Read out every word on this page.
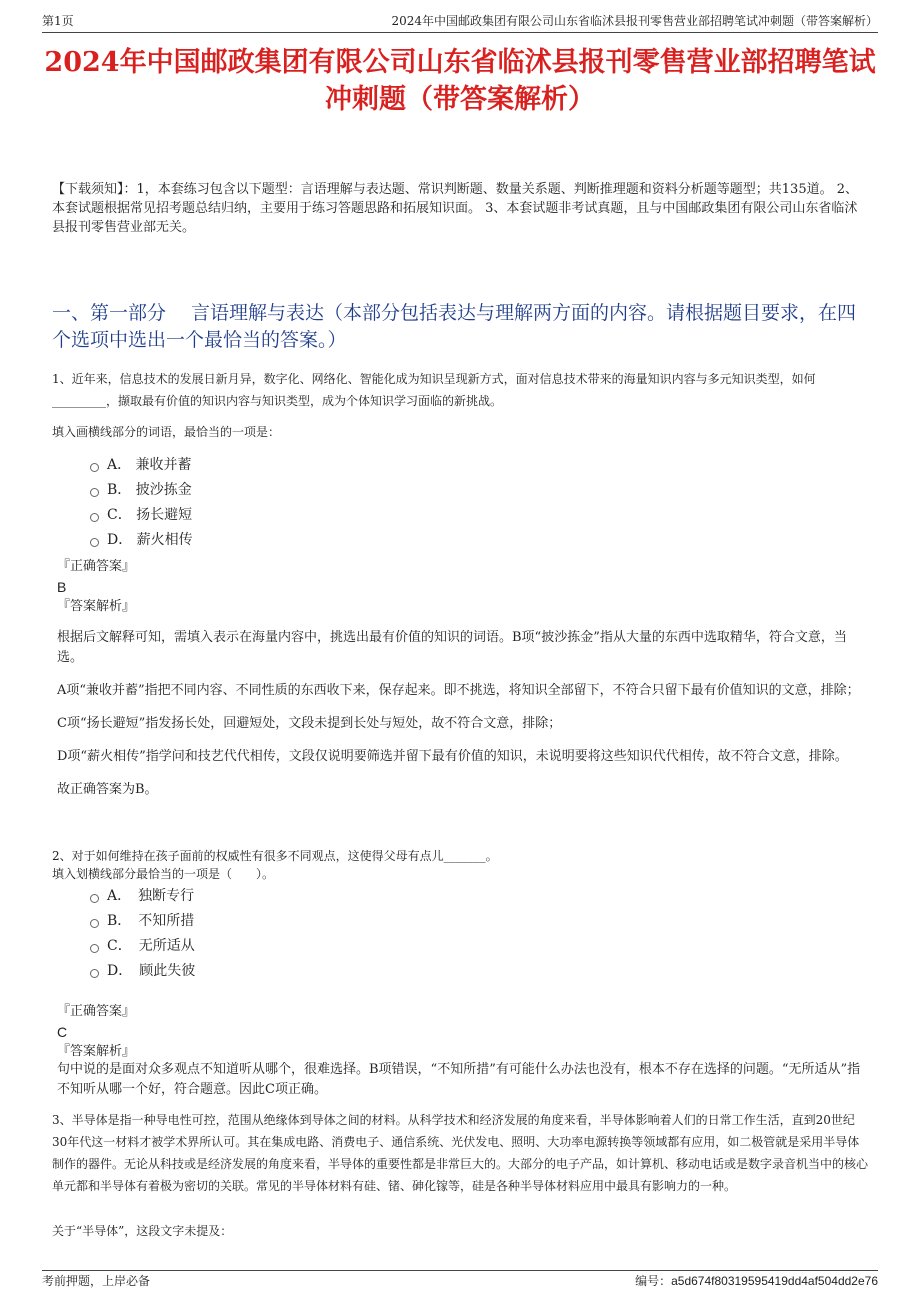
第1页	2024年中国邮政集团有限公司山东省临沭县报刊零售营业部招聘笔试冲刺题（带答案解析）
2024年中国邮政集团有限公司山东省临沭县报刊零售营业部招聘笔试冲刺题（带答案解析）
【下载须知】：1，本套练习包含以下题型：言语理解与表达题、常识判断题、数量关系题、判断推理题和资料分析题等题型；共135道。 2、本套试题根据常见招考题总结归纳，主要用于练习答题思路和拓展知识面。 3、本套试题非考试真题，且与中国邮政集团有限公司山东省临沭县报刊零售营业部无关。
一、第一部分　 言语理解与表达（本部分包括表达与理解两方面的内容。请根据题目要求，在四个选项中选出一个最恰当的答案。）
1、近年来，信息技术的发展日新月异，数字化、网络化、智能化成为知识呈现新方式，面对信息技术带来的海量知识内容与多元知识类型，如何_________，撷取最有价值的知识内容与知识类型，成为个体知识学习面临的新挑战。
填入画横线部分的词语，最恰当的一项是：
A． 兼收并蓄
B． 披沙拣金
C． 扬长避短
D． 薪火相传

『正确答案』

B

『答案解析』

根据后文解释可知，需填入表示在海量内容中，挑选出最有价值的知识的词语。B项“披沙拣金”指从大量的东西中选取精华，符合文意，当选。

A项“兼收并蓄”指把不同内容、不同性质的东西收下来，保存起来。即不挑选，将知识全部留下，不符合只留下最有价值知识的文意，排除；

C项“扬长避短”指发扬长处，回避短处，文段未提到长处与短处，故不符合文意，排除；

D项“薪火相传”指学问和技艺代代相传，文段仅说明要筛选并留下最有价值的知识，未说明要将这些知识代代相传，故不符合文意，排除。

故正确答案为B。

2、对于如何维持在孩子面前的权威性有很多不同观点，这使得父母有点儿_______。
填入划横线部分最恰当的一项是（　　）。
A．　独断专行
B．　不知所措
C．　无所适从
D．　顾此失彼

『正确答案』

C

『答案解析』

句中说的是面对众多观点不知道听从哪个，很难选择。B项错误，“不知所措”有可能什么办法也没有，根本不存在选择的问题。“无所适从”指不知听从哪一个好，符合题意。因此C项正确。

3、半导体是指一种导电性可控，范围从绝缘体到导体之间的材料。从科学技术和经济发展的角度来看，半导体影响着人们的日常工作生活，直到20世纪30年代这一材料才被学术界所认可。其在集成电路、消费电子、通信系统、光伏发电、照明、大功率电源转换等领域都有应用，如二极管就是采用半导体制作的器件。无论从科技或是经济发展的角度来看，半导体的重要性都是非常巨大的。大部分的电子产品，如计算机、移动电话或是数字录音机当中的核心单元都和半导体有着极为密切的关联。常见的半导体材料有硅、锗、砷化镓等，硅是各种半导体材料应用中最具有影响力的一种。
关于“半导体”，这段文字未提及：
考前押题，上岸必备	编号：a5d674f80319595419dd4af504dd2e76
